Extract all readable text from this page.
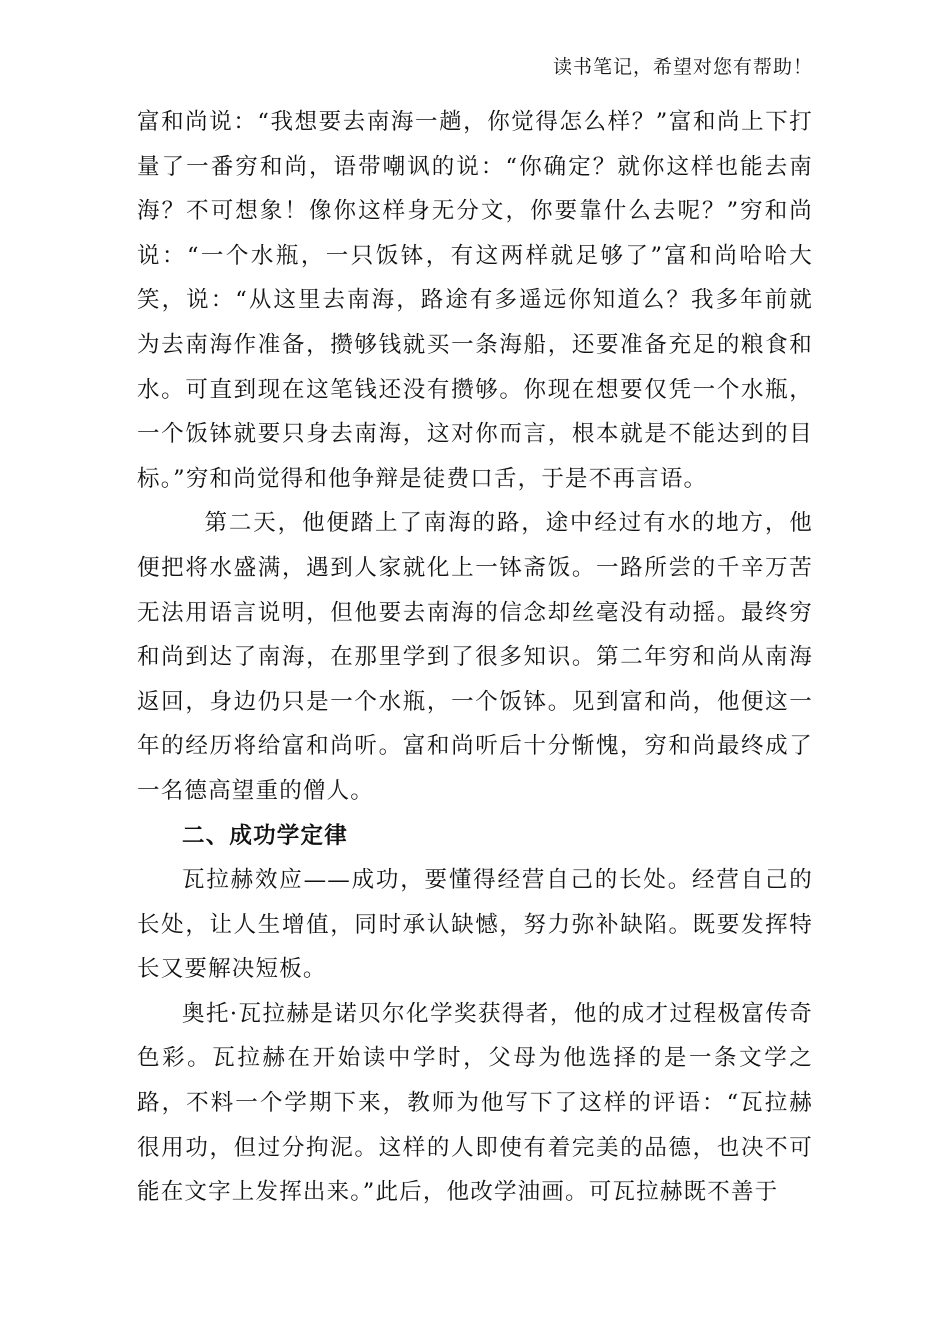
读书笔记，希望对您有帮助！

富和尚说：“我想要去南海一趟，你觉得怎么样？”富和尚上下打量了一番穷和尚，语带嘲讽的说：“你确定？就你这样也能去南海？不可想象！像你这样身无分文，你要靠什么去呢？”穷和尚说：“一个水瓶，一只饭钵，有这两样就足够了”富和尚哈哈大笑，说：“从这里去南海，路途有多遥远你知道么？我多年前就为去南海作准备，攒够钱就买一条海船，还要准备充足的粮食和水。可直到现在这笔钱还没有攒够。你现在想要仅凭一个水瓶，一个饭钵就要只身去南海，这对你而言，根本就是不能达到的目标。”穷和尚觉得和他争辩是徒费口舌，于是不再言语。

第二天，他便踏上了南海的路，途中经过有水的地方，他便把将水盛满，遇到人家就化上一钵斋饭。一路所尝的千辛万苦无法用语言说明，但他要去南海的信念却丝毫没有动摇。最终穷和尚到达了南海，在那里学到了很多知识。第二年穷和尚从南海返回，身边仍只是一个水瓶，一个饭钵。见到富和尚，他便这一年的经历将给富和尚听。富和尚听后十分惭愧，穷和尚最终成了一名德高望重的僧人。

二、成功学定律

瓦拉赫效应——成功，要懂得经营自己的长处。经营自己的长处，让人生增值，同时承认缺憾，努力弥补缺陷。既要发挥特长又要解决短板。

奥托·瓦拉赫是诺贝尔化学奖获得者，他的成才过程极富传奇色彩。瓦拉赫在开始读中学时，父母为他选择的是一条文学之路，不料一个学期下来，教师为他写下了这样的评语：“瓦拉赫很用功，但过分拘泥。这样的人即使有着完美的品德，也决不可能在文字上发挥出来。”此后，他改学油画。可瓦拉赫既不善于
